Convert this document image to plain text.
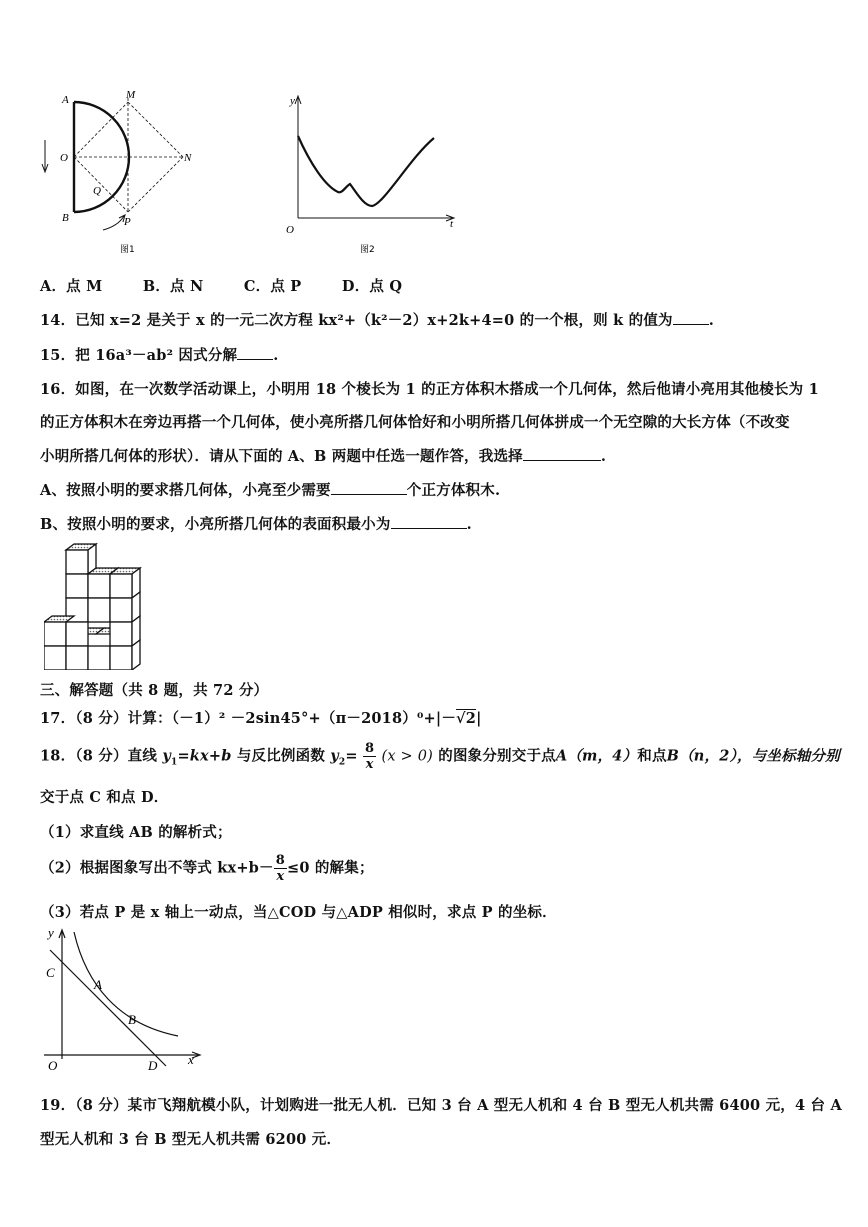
A	M
O	N
Q
B	P
图1
y
O	t
图2
A．点 M	B．点 N	C．点 P	D．点 Q
14．已知 x=2 是关于 x 的一元二次方程 kx²+（k²－2）x+2k+4=0 的一个根，则 k 的值为 .
15．把 16a³－ab² 因式分解 .
16．如图，在一次数学活动课上，小明用 18 个棱长为 1 的正方体积木搭成一个几何体，然后他请小亮用其他棱长为 1
的正方体积木在旁边再搭一个几何体，使小亮所搭几何体恰好和小明所搭几何体拼成一个无空隙的大长方体（不改变
小明所搭几何体的形状）．请从下面的 A、B 两题中任选一题作答，我选择	.
A、按照小明的要求搭几何体，小亮至少需要	个正方体积木.
B、按照小明的要求，小亮所搭几何体的表面积最小为	.
三、解答题（共 8 题，共 72 分）
17．（8 分）计算：（－1）² －2sin45°+（π－2018）⁰+|－√2|
18．（8 分）直线 $y_1=kx+b$ 与反比例函数 $y_2= \frac{8}{x} (x > 0)$ 的图象分别交于点A（m，4）和点B（n，2），与坐标轴分别
交于点 C 和点 D．
（1）求直线 AB 的解析式；
（2）根据图象写出不等式 $kx+b- \frac{8}{x} \le 0$ 的解集；
（3）若点 P 是 x 轴上一动点，当△COD 与△ADP 相似时，求点 P 的坐标．
y
C
A
B
O	D x
19．（8 分）某市飞翔航模小队，计划购进一批无人机．已知 3 台 A 型无人机和 4 台 B 型无人机共需 6400 元，4 台 A
型无人机和 3 台 B 型无人机共需 6200 元．
